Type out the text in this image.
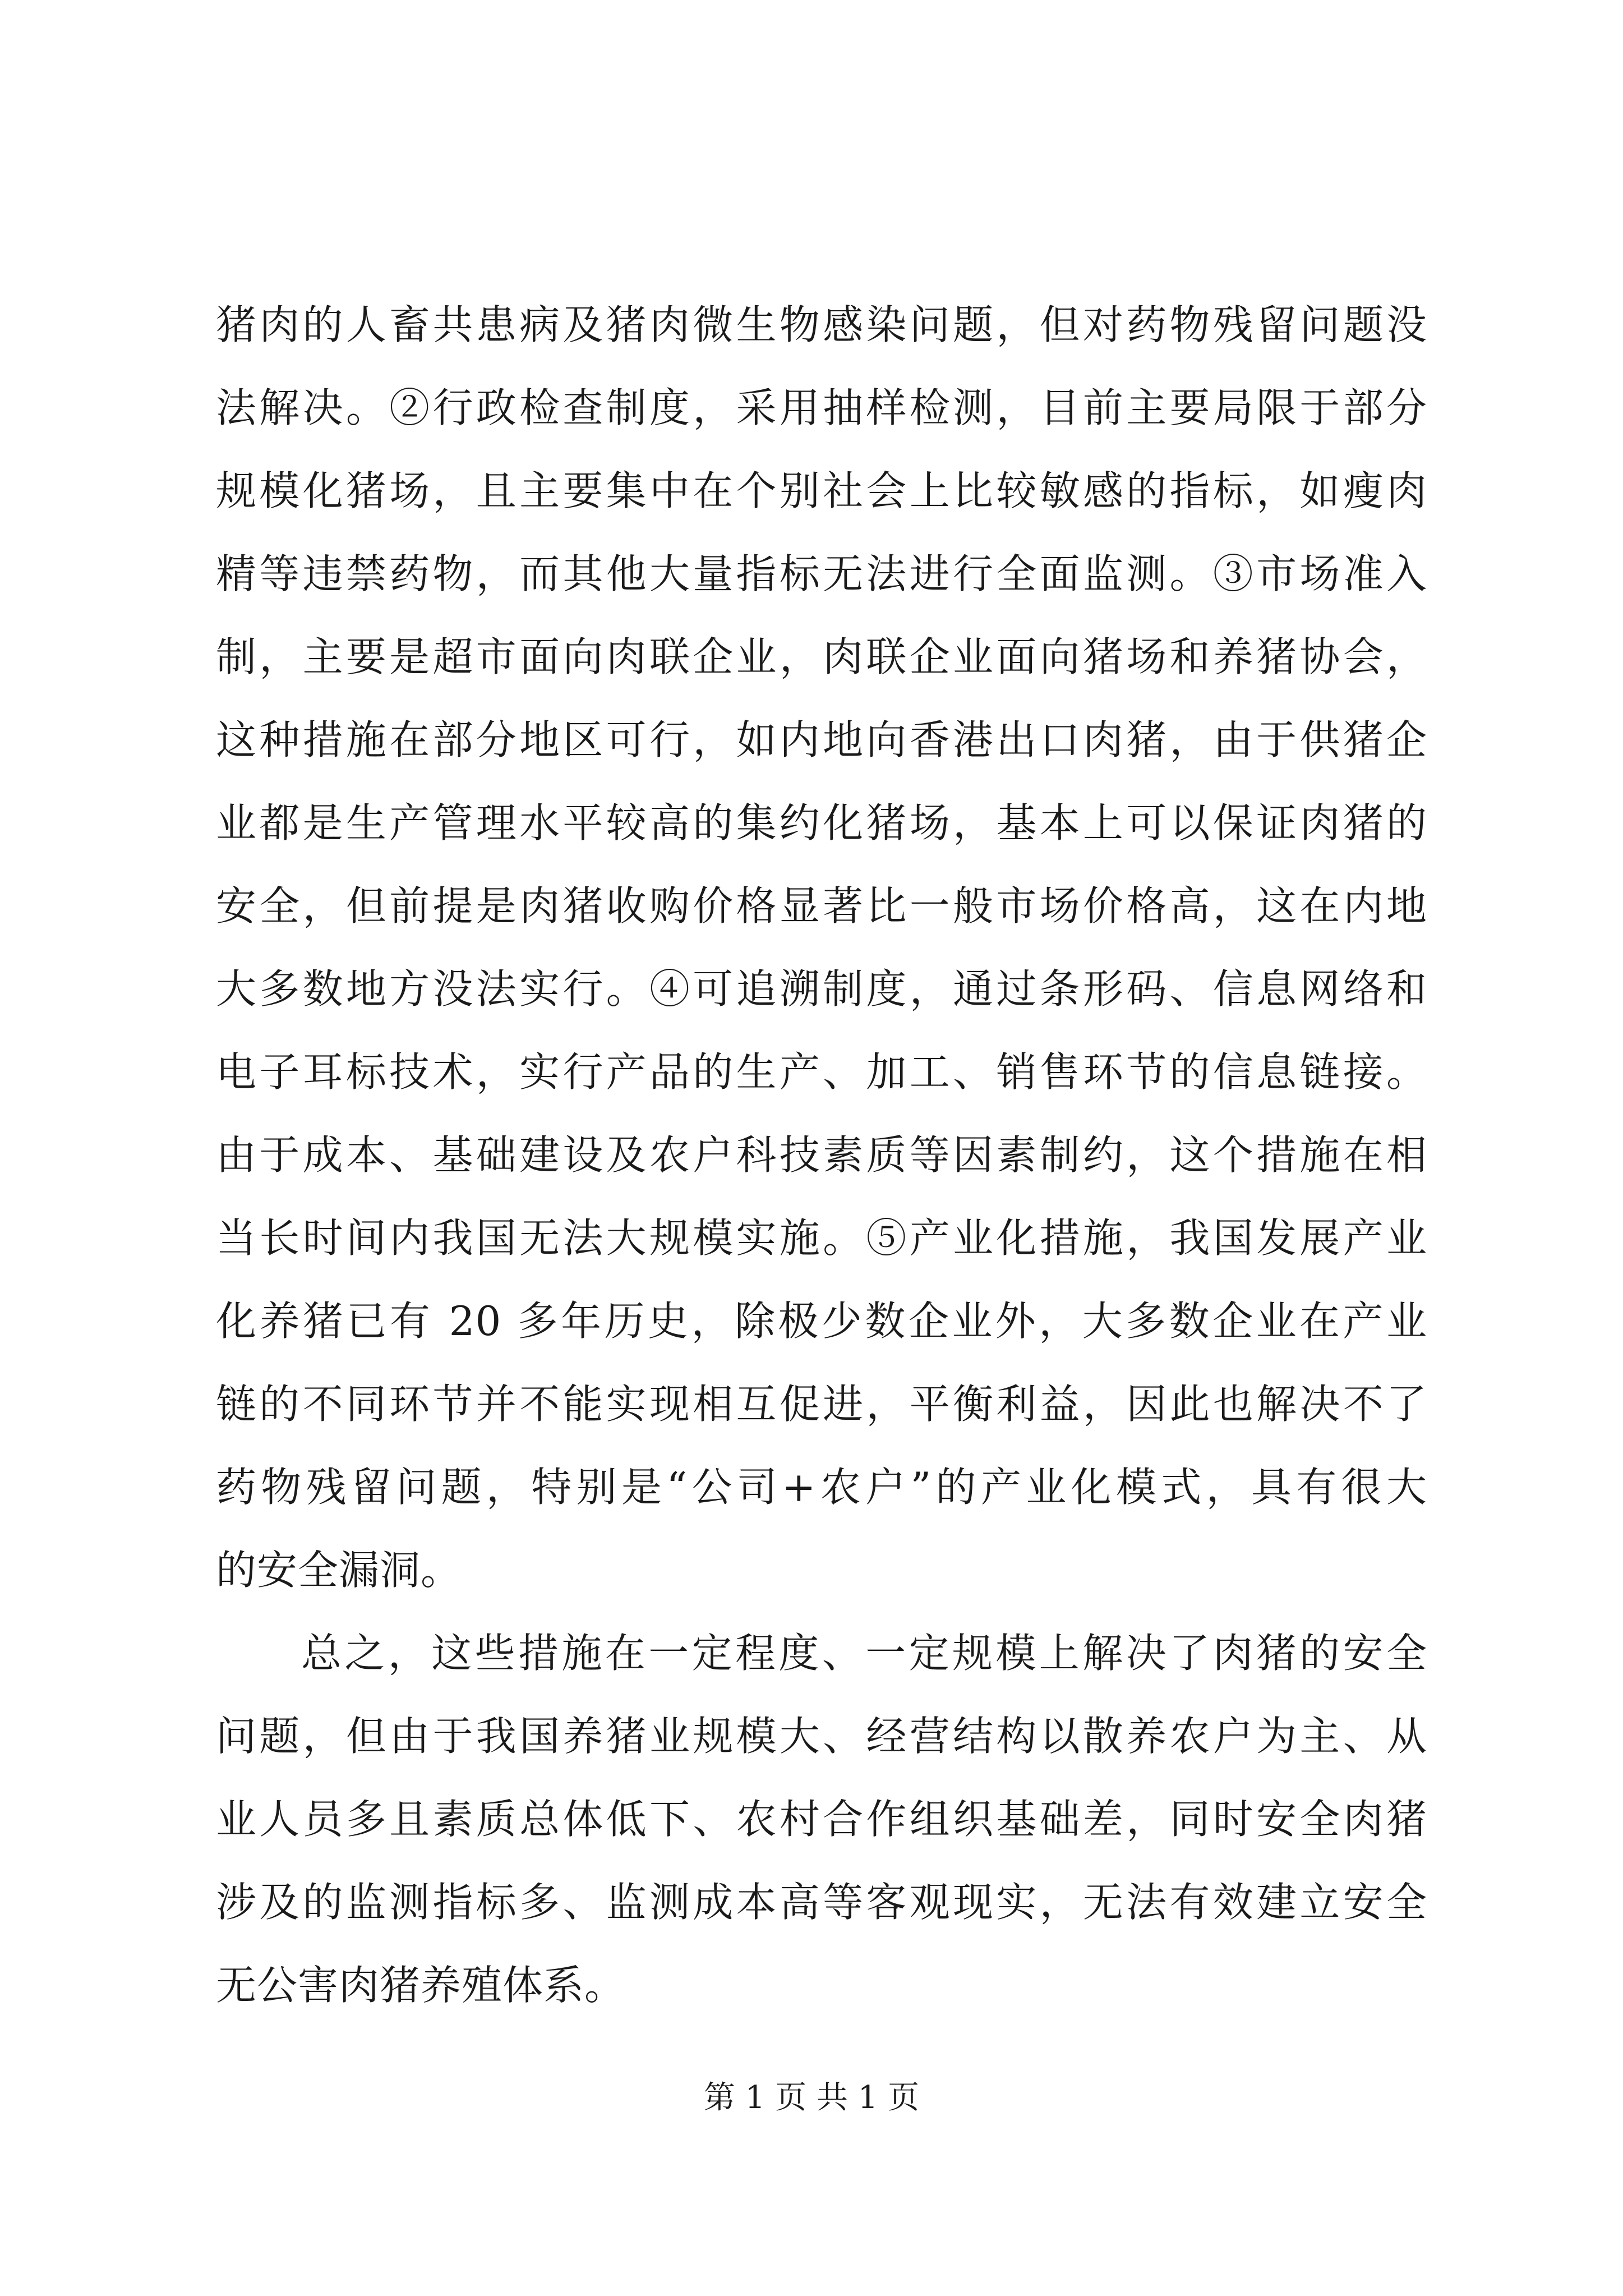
猪肉的人畜共患病及猪肉微生物感染问题，但对药物残留问题没
法解决。②行政检查制度，采用抽样检测，目前主要局限于部分
规模化猪场，且主要集中在个别社会上比较敏感的指标，如瘦肉
精等违禁药物，而其他大量指标无法进行全面监测。③市场准入
制，主要是超市面向肉联企业，肉联企业面向猪场和养猪协会，
这种措施在部分地区可行，如内地向香港出口肉猪，由于供猪企
业都是生产管理水平较高的集约化猪场，基本上可以保证肉猪的
安全，但前提是肉猪收购价格显著比一般市场价格高，这在内地
大多数地方没法实行。④可追溯制度，通过条形码、信息网络和
电子耳标技术，实行产品的生产、加工、销售环节的信息链接。
由于成本、基础建设及农户科技素质等因素制约，这个措施在相
当长时间内我国无法大规模实施。⑤产业化措施，我国发展产业
化养猪已有 20 多年历史，除极少数企业外，大多数企业在产业
链的不同环节并不能实现相互促进，平衡利益，因此也解决不了
药物残留问题，特别是“公司+农户”的产业化模式，具有很大
的安全漏洞。
总之，这些措施在一定程度、一定规模上解决了肉猪的安全
问题，但由于我国养猪业规模大、经营结构以散养农户为主、从
业人员多且素质总体低下、农村合作组织基础差，同时安全肉猪
涉及的监测指标多、监测成本高等客观现实，无法有效建立安全
无公害肉猪养殖体系。
第 1 页 共 1 页
